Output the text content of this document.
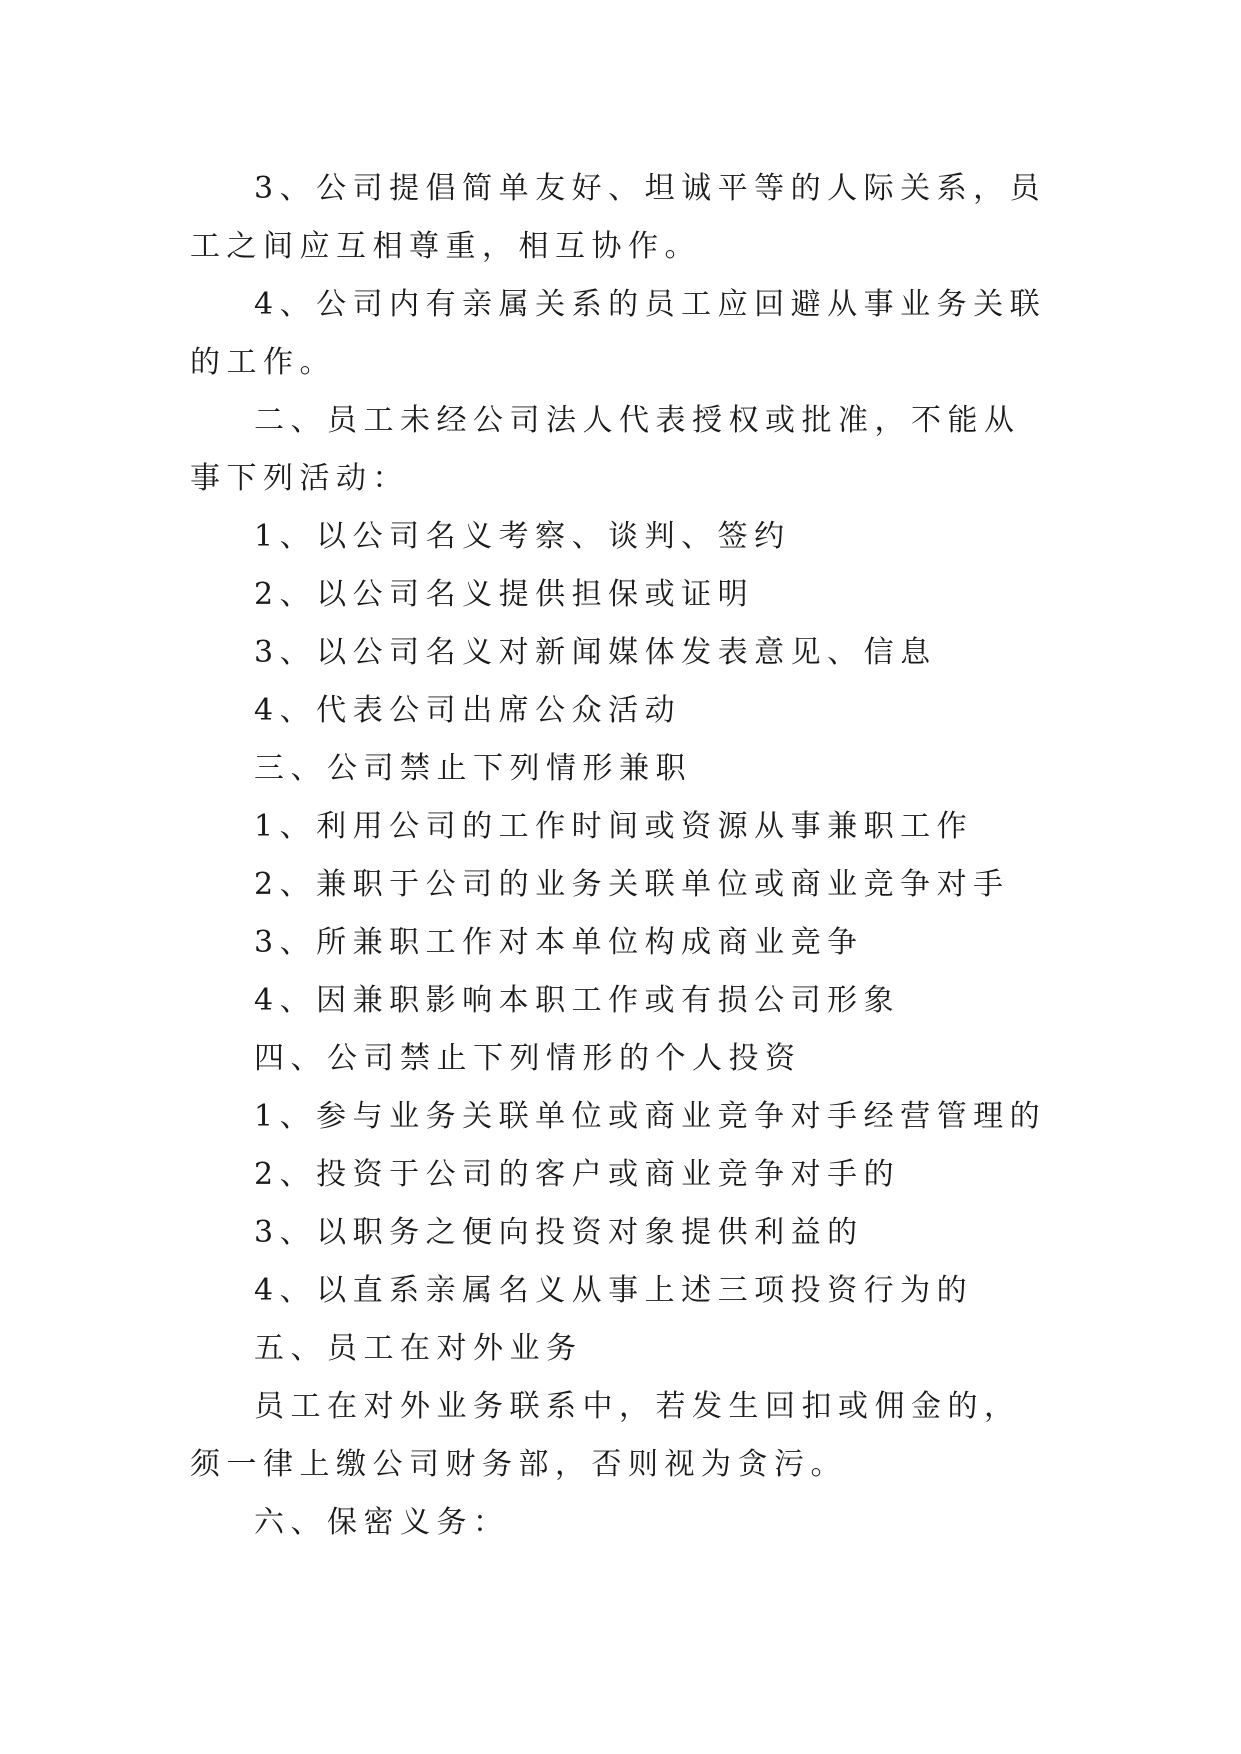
3、公司提倡简单友好、坦诚平等的人际关系，员工之间应互相尊重，相互协作。

4、公司内有亲属关系的员工应回避从事业务关联的工作。

二、员工未经公司法人代表授权或批准，不能从事下列活动：

1、以公司名义考察、谈判、签约

2、以公司名义提供担保或证明

3、以公司名义对新闻媒体发表意见、信息

4、代表公司出席公众活动

三、公司禁止下列情形兼职

1、利用公司的工作时间或资源从事兼职工作

2、兼职于公司的业务关联单位或商业竞争对手

3、所兼职工作对本单位构成商业竞争

4、因兼职影响本职工作或有损公司形象

四、公司禁止下列情形的个人投资

1、参与业务关联单位或商业竞争对手经营管理的

2、投资于公司的客户或商业竞争对手的

3、以职务之便向投资对象提供利益的

4、以直系亲属名义从事上述三项投资行为的

五、员工在对外业务

员工在对外业务联系中，若发生回扣或佣金的，须一律上缴公司财务部，否则视为贪污。

六、保密义务：
